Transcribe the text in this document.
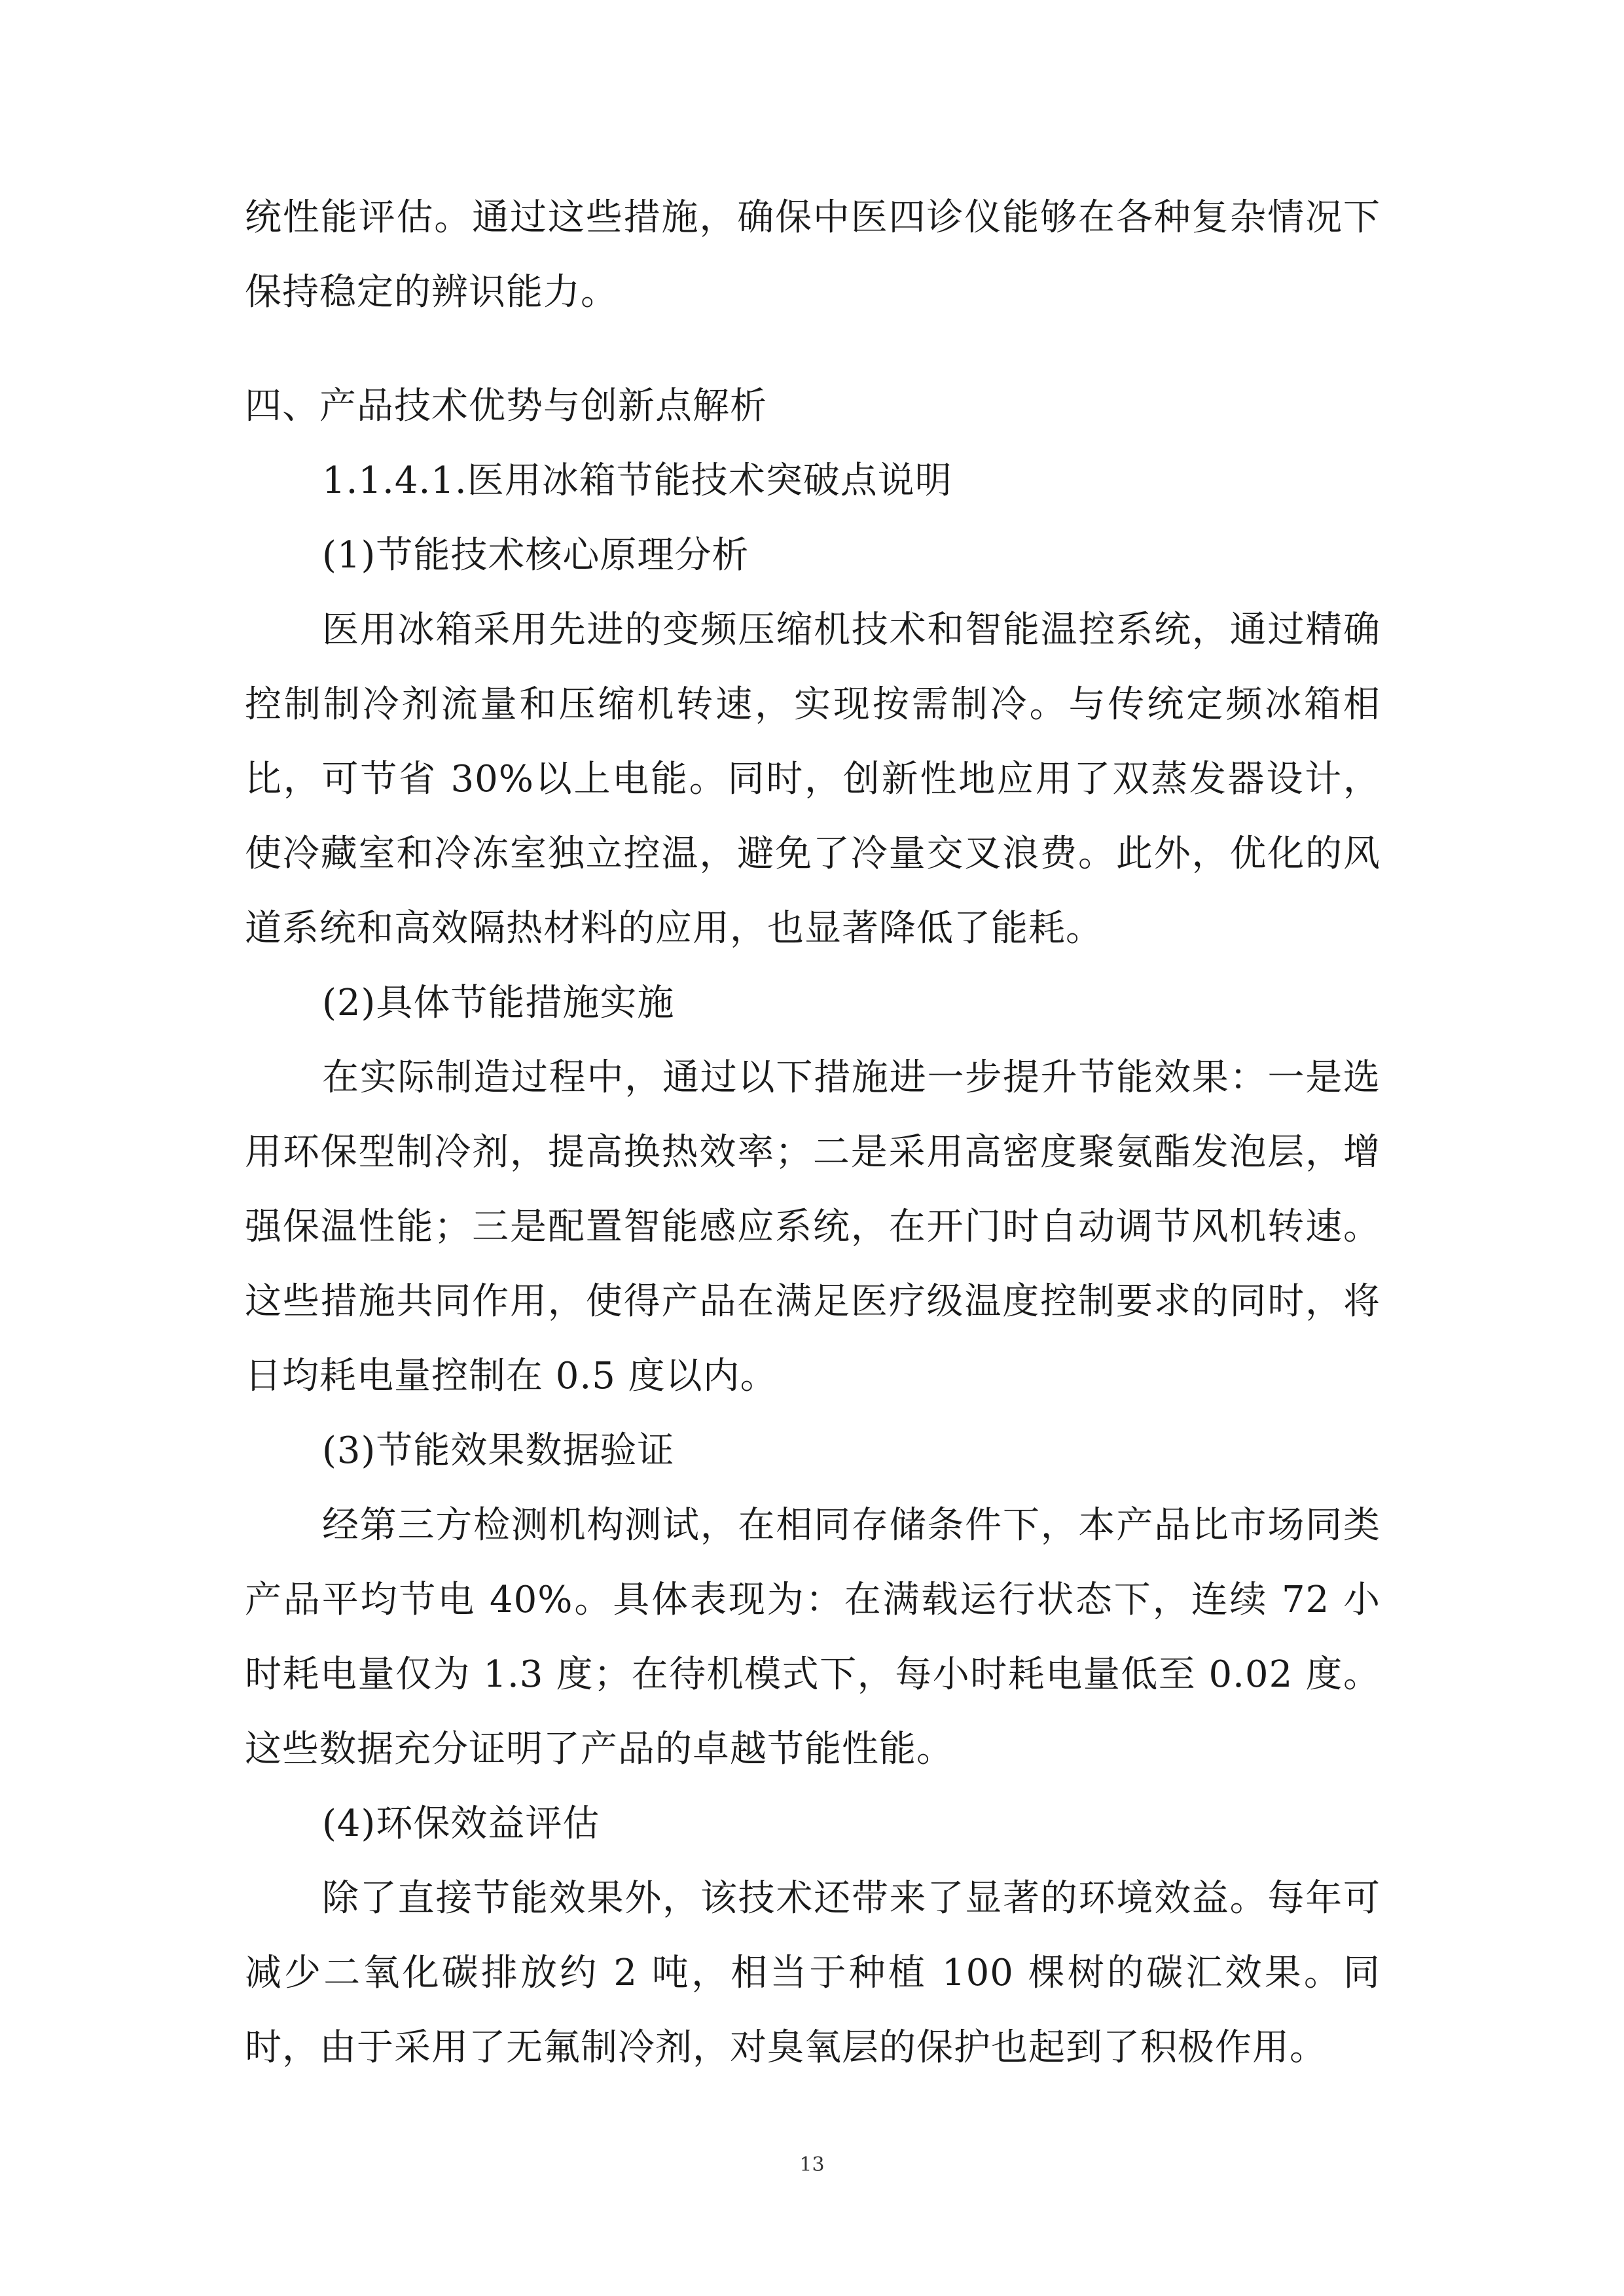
统性能评估。通过这些措施，确保中医四诊仪能够在各种复杂情况下保持稳定的辨识能力。

四、产品技术优势与创新点解析

1.1.4.1.医用冰箱节能技术突破点说明

(1)节能技术核心原理分析

医用冰箱采用先进的变频压缩机技术和智能温控系统，通过精确控制制冷剂流量和压缩机转速，实现按需制冷。与传统定频冰箱相比，可节省 30%以上电能。同时，创新性地应用了双蒸发器设计，使冷藏室和冷冻室独立控温，避免了冷量交叉浪费。此外，优化的风道系统和高效隔热材料的应用，也显著降低了能耗。

(2)具体节能措施实施

在实际制造过程中，通过以下措施进一步提升节能效果：一是选用环保型制冷剂，提高换热效率；二是采用高密度聚氨酯发泡层，增强保温性能；三是配置智能感应系统，在开门时自动调节风机转速。这些措施共同作用，使得产品在满足医疗级温度控制要求的同时，将日均耗电量控制在 0.5 度以内。

(3)节能效果数据验证

经第三方检测机构测试，在相同存储条件下，本产品比市场同类产品平均节电 40%。具体表现为：在满载运行状态下，连续 72 小时耗电量仅为 1.3 度；在待机模式下，每小时耗电量低至 0.02 度。这些数据充分证明了产品的卓越节能性能。

(4)环保效益评估

除了直接节能效果外，该技术还带来了显著的环境效益。每年可减少二氧化碳排放约 2 吨，相当于种植 100 棵树的碳汇效果。同时，由于采用了无氟制冷剂，对臭氧层的保护也起到了积极作用。

13
